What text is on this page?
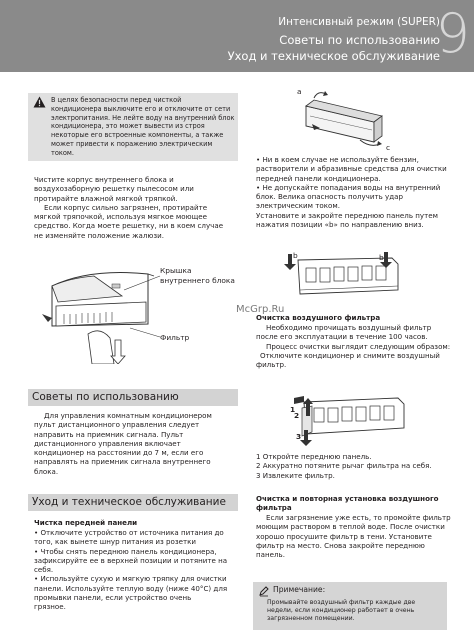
Интенсивный режим (SUPER)
Советы по использованию
Уход и техническое обслуживание
9
В целях безопасности перед чисткой
кондиционера выключите его и отключите от сети
электропитания. Не лейте воду на внутренний блок
кондиционера, это может вывести из строя
некоторые его встроенные компоненты, а также
может привести к поражению электрическим
током.
Чистите корпус внутреннего блока и
воздухозаборную решетку пылесосом или
протирайте влажной мягкой тряпкой.
Если корпус сильно загрязнен, протирайте
мягкой тряпочкой, используя мягкое моющее
средство. Когда моете решетку, ни в коем случае
не изменяйте положение жалюзи.
Крышка
внутреннего блока
Фильтр
Советы по использованию
Для управления комнатным кондиционером
пульт дистанционного управления следует
направить на приемник сигнала. Пульт
дистанционного управления включает
кондиционер на расстоянии до 7 м, если его
направлять на приемник сигнала внутреннего
блока.
Уход и техническое обслуживание
Чистка передней панели
• Отключите устройство от источника питания до
того, как вынете шнур питания из розетки
• Чтобы снять переднюю панель кондиционера,
зафиксируйте ее в верхней позиции и потяните на
себя.
• Используйте сухую и мягкую тряпку для очистки
панели. Используйте теплую воду (ниже 40°C) для
промывки панели, если устройство очень
грязное.
a
c
• Ни в коем случае не используйте бензин,
растворители и абразивные средства для очистки
передней панели кондиционера.
• Не допускайте попадания воды на внутренний
блок. Велика опасность получить удар
электрическим током.
Установите и закройте переднюю панель путем
нажатия позиции «b» по направлению вниз.
b	b
Очистка воздушного фильтра
McGrp.Ru
Необходимо прочищать воздушный фильтр
после его эксплуатации в течение 100 часов.
Процесс очистки выглядит следующим образом:
Отключите кондиционер и снимите воздушный
фильтр.
1
2
3
1 Откройте переднюю панель.
2 Аккуратно потяните рычаг фильтра на себя.
3 Извлеките фильтр.
Очистка и повторная установка воздушного
фильтра
Если загрязнение уже есть, то промойте фильтр
моющим раствором в теплой воде. После очистки
хорошо просушите фильтр в тени. Установите
фильтр на место. Снова закройте переднюю
панель.
Примечание:
Промывайте воздушный фильтр каждые две
недели, если кондиционер работает в очень
загрязненном помещении.
